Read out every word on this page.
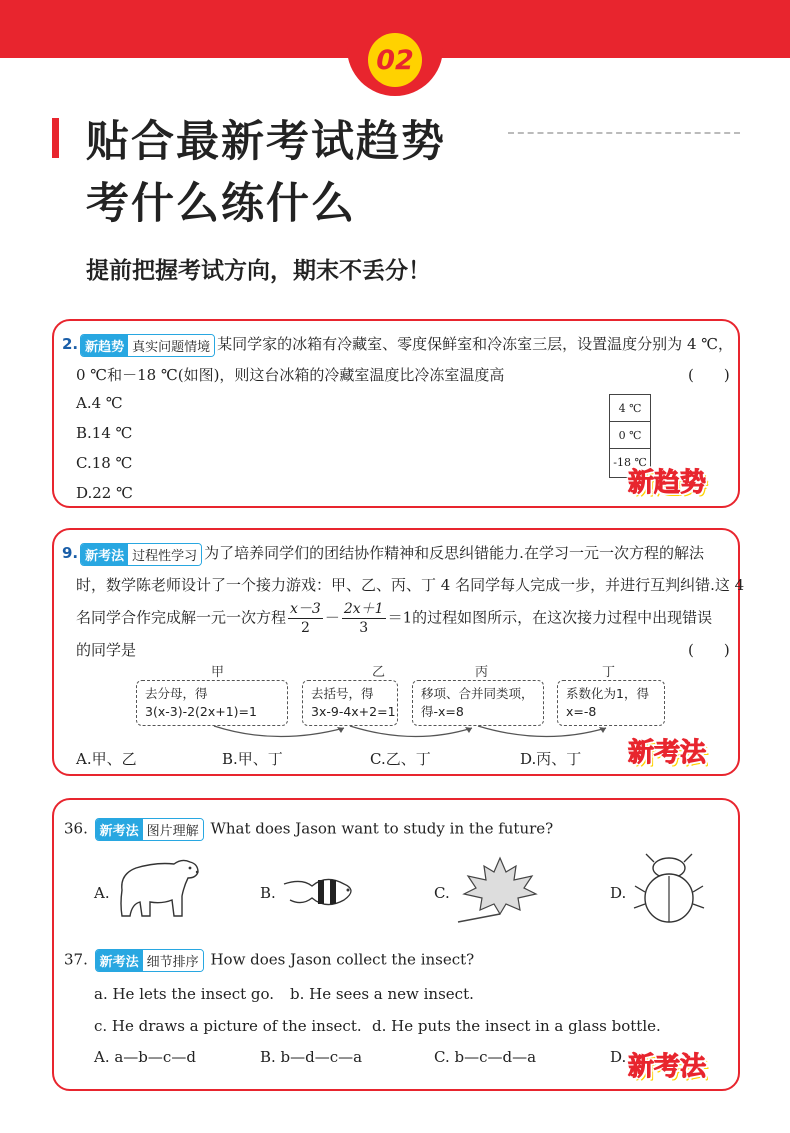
02
贴合最新考试趋势
考什么练什么
提前把握考试方向，期末不丢分！
2. 新趋势 真实问题情境 某同学家的冰箱有冷藏室、零度保鲜室和冷冻室三层，设置温度分别为 4 ℃，
0 ℃和－18 ℃(如图)，则这台冰箱的冷藏室温度比冷冻室温度高	(　　)
A.4 ℃
B.14 ℃
C.18 ℃
D.22 ℃
4 ℃
0 ℃
-18 ℃
新趋势
9. 新考法 过程性学习 为了培养同学们的团结协作精神和反思纠错能力.在学习一元一次方程的解法
时，数学陈老师设计了一个接力游戏：甲、乙、丙、丁 4 名同学每人完成一步，并进行互判纠错.这 4
名同学合作完成解一元一次方程 $\frac{x-3}{2} - \frac{2x+1}{3} =1$的过程如图所示，在这次接力过程中出现错误
的同学是	(　　)
甲	乙	丙	丁
去分母，得
3(x-3)-2(2x+1)=1
去括号，得
3x-9-4x+2=1
移项、合并同类项，
得-x=8
系数化为1，得
x=-8
A.甲、乙	B.甲、丁	C.乙、丁	D.丙、丁 新考法
36. 新考法 图片理解 What does Jason want to study in the future?
A.	B.	C.	D.
37. 新考法 细节排序 How does Jason collect the insect?
a. He lets the insect go. b. He sees a new insect.
c. He draws a picture of the insect. d. He puts the insect in a glass bottle.
A. a—b—c—d	B. b—d—c—a	C. b—c—d—a	D. 新考法
